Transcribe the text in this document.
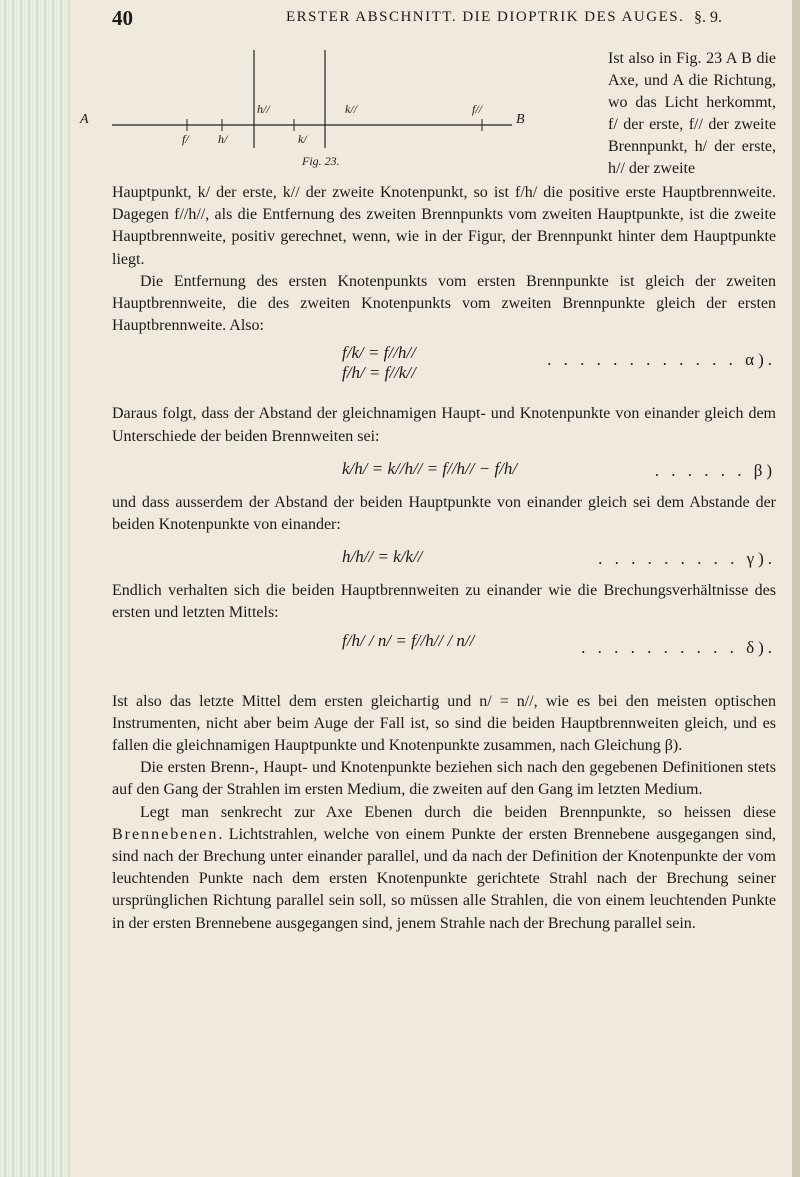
40	ERSTER ABSCHNITT. DIE DIOPTRIK DES AUGES. §. 9.
A	B
f/ h/
h//
k/
k//	f//
Fig. 23.

Ist also in Fig. 23 A B die Axe, und A die Richtung, wo das Licht herkommt, f/ der erste, f// der zweite Brennpunkt, h/ der erste, h// der zweite

Hauptpunkt, k/ der erste, k// der zweite Knotenpunkt, so ist f/h/ die positive erste Hauptbrennweite. Dagegen f//h//, als die Entfernung des zweiten Brennpunkts vom zweiten Hauptpunkte, ist die zweite Hauptbrennweite, positiv gerechnet, wenn, wie in der Figur, der Brennpunkt hinter dem Hauptpunkte liegt.

Die Entfernung des ersten Knotenpunkts vom ersten Brennpunkte ist gleich der zweiten Hauptbrennweite, die des zweiten Knotenpunkts vom zweiten Brennpunkte gleich der ersten Hauptbrennweite. Also:

f/k/ = f//h//
f/h/ = f//k//
. . . . . . . . . . . . α).

Daraus folgt, dass der Abstand der gleichnamigen Haupt- und Knotenpunkte von einander gleich dem Unterschiede der beiden Brennweiten sei:

k/h/ = k//h// = f//h// − f/h/	. . . . . . β)

und dass ausserdem der Abstand der beiden Hauptpunkte von einander gleich sei dem Abstande der beiden Knotenpunkte von einander:

h/h// = k/k//	. . . . . . . . . γ).

Endlich verhalten sich die beiden Hauptbrennweiten zu einander wie die Brechungsverhältnisse des ersten und letzten Mittels:

f/h/ / n/ = f//h// / n//	. . . . . . . . . . δ).

Ist also das letzte Mittel dem ersten gleichartig und n/ = n//, wie es bei den meisten optischen Instrumenten, nicht aber beim Auge der Fall ist, so sind die beiden Hauptbrennweiten gleich, und es fallen die gleichnamigen Hauptpunkte und Knotenpunkte zusammen, nach Gleichung β).

Die ersten Brenn-, Haupt- und Knotenpunkte beziehen sich nach den gegebenen Definitionen stets auf den Gang der Strahlen im ersten Medium, die zweiten auf den Gang im letzten Medium.

Legt man senkrecht zur Axe Ebenen durch die beiden Brennpunkte, so heissen diese Brennebenen. Lichtstrahlen, welche von einem Punkte der ersten Brennebene ausgegangen sind, sind nach der Brechung unter einander parallel, und da nach der Definition der Knotenpunkte der vom leuchtenden Punkte nach dem ersten Knotenpunkte gerichtete Strahl nach der Brechung seiner ursprünglichen Richtung parallel sein soll, so müssen alle Strahlen, die von einem leuchtenden Punkte in der ersten Brennebene ausgegangen sind, jenem Strahle nach der Brechung parallel sein.
